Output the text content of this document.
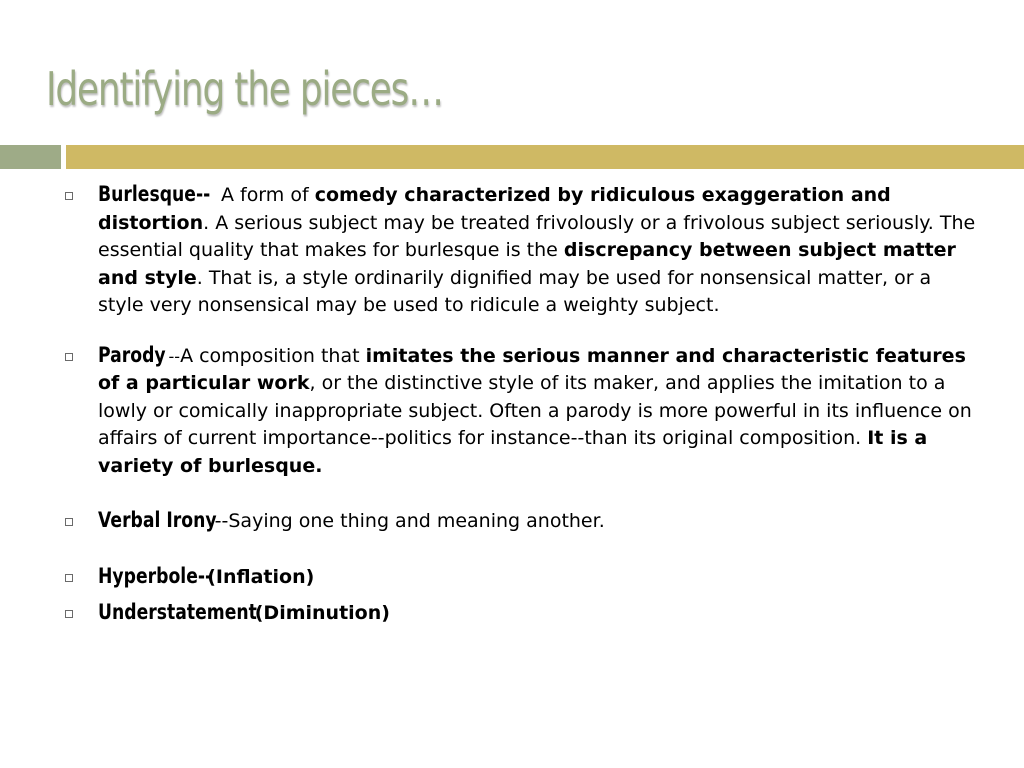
Identifying the pieces…
Burlesque-- A form of comedy characterized by ridiculous exaggeration and distortion. A serious subject may be treated frivolously or a frivolous subject seriously. The essential quality that makes for burlesque is the discrepancy between subject matter and style. That is, a style ordinarily dignified may be used for nonsensical matter, or a style very nonsensical may be used to ridicule a weighty subject.
Parody --A composition that imitates the serious manner and characteristic features of a particular work, or the distinctive style of its maker, and applies the imitation to a lowly or comically inappropriate subject. Often a parody is more powerful in its influence on affairs of current importance--politics for instance--than its original composition. It is a variety of burlesque.
Verbal Irony--Saying one thing and meaning another.
Hyperbole--(Inflation)
Understatement(Diminution)
